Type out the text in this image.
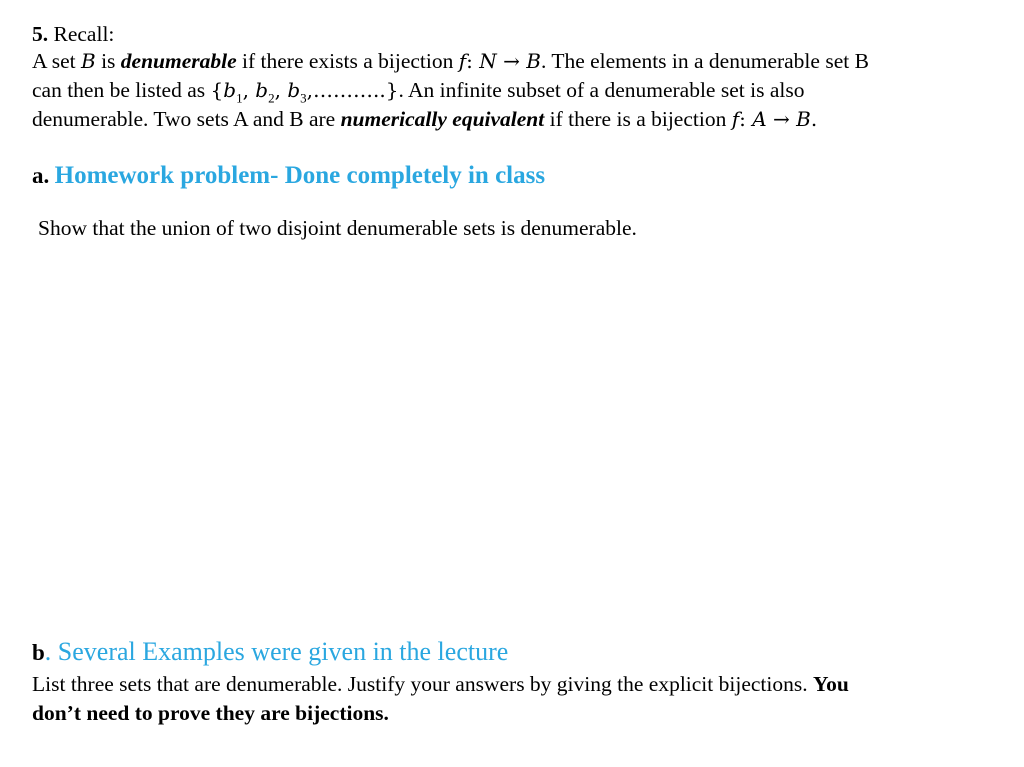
5. Recall:
A set B is denumerable if there exists a bijection f: N → B. The elements in a denumerable set B
can then be listed as {$b_1$, $b_2$, $b_3,\dots\dots\dots$..}. An infinite subset of a denumerable set is also
denumerable. Two sets A and B are numerically equivalent if there is a bijection f: A → B.
a. Homework problem- Done completely in class
Show that the union of two disjoint denumerable sets is denumerable.
b. Several Examples were given in the lecture
List three sets that are denumerable. Justify your answers by giving the explicit bijections. You
don’t need to prove they are bijections.
